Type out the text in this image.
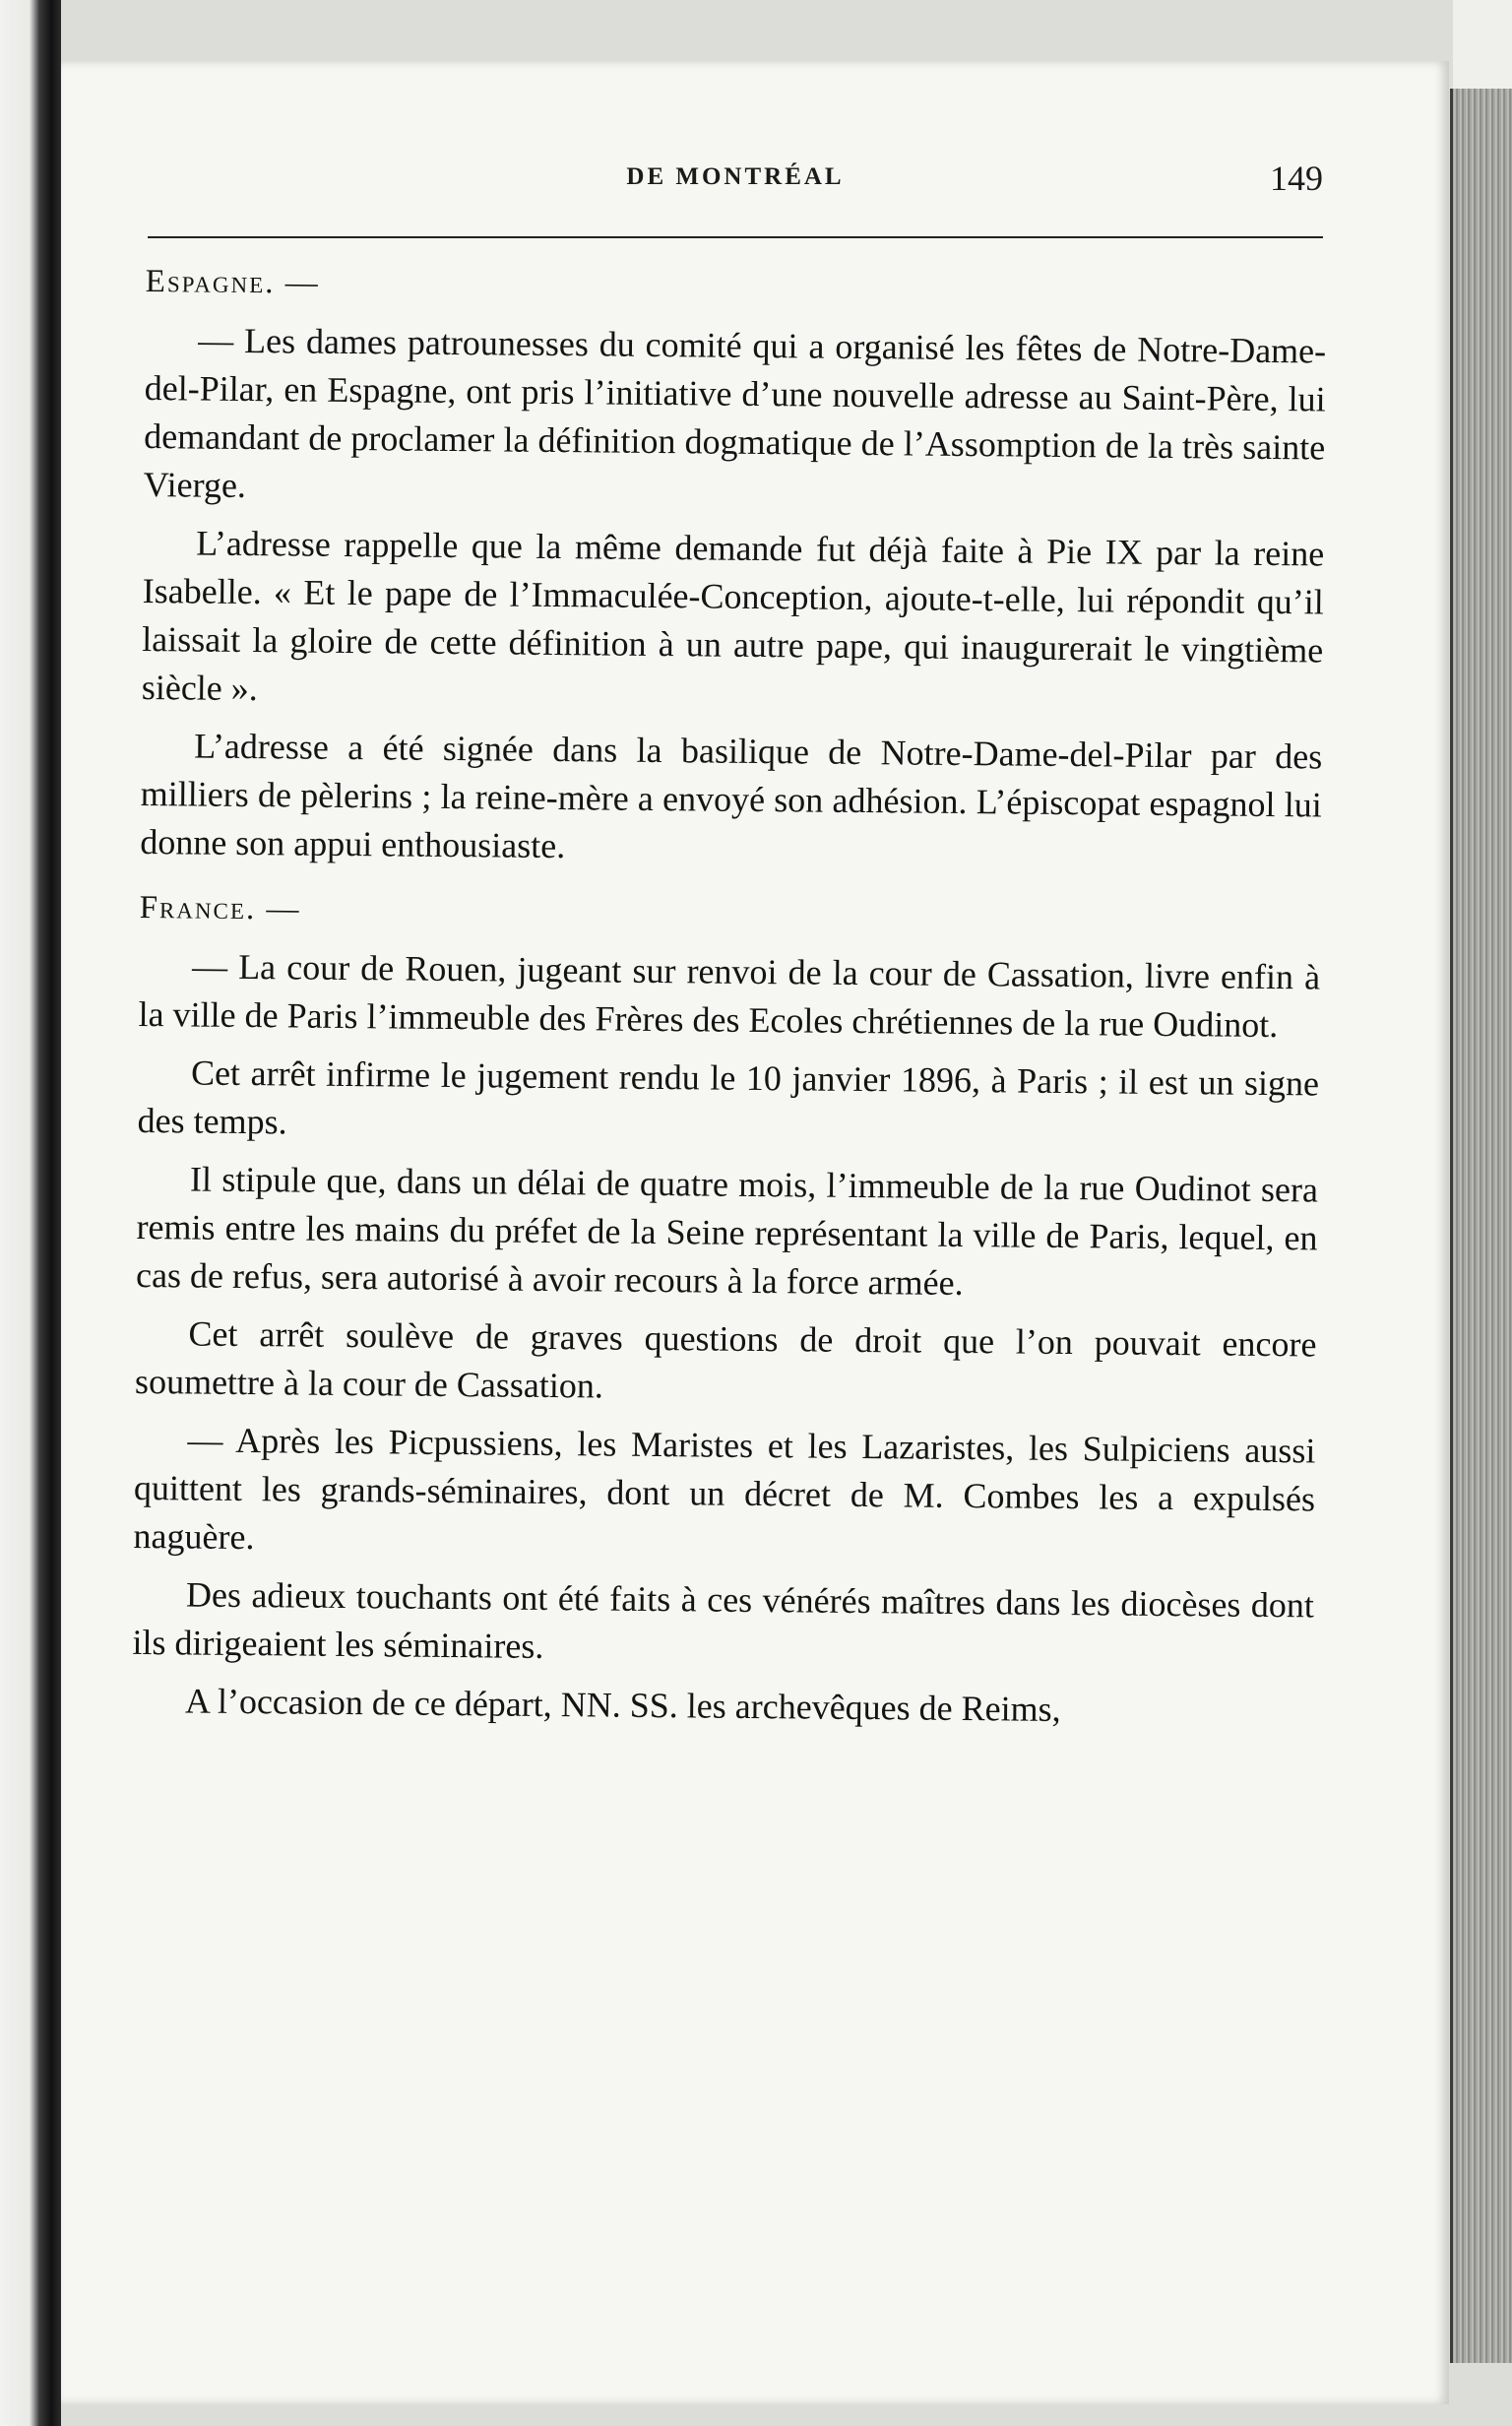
DE MONTRÉAL	149
Espagne. —

— Les dames patrounesses du comité qui a organisé les fêtes de Notre-Dame-del-Pilar, en Espagne, ont pris l’initiative d’une nouvelle adresse au Saint-Père, lui demandant de proclamer la définition dogmatique de l’Assomption de la très sainte Vierge.

L’adresse rappelle que la même demande fut déjà faite à Pie IX par la reine Isabelle. « Et le pape de l’Immaculée-Conception, ajoute-t-elle, lui répondit qu’il laissait la gloire de cette définition à un autre pape, qui inaugurerait le vingtième siècle ».

L’adresse a été signée dans la basilique de Notre-Dame-del-Pilar par des milliers de pèlerins ; la reine-mère a envoyé son adhésion. L’épiscopat espagnol lui donne son appui enthousiaste.

France. —

— La cour de Rouen, jugeant sur renvoi de la cour de Cassation, livre enfin à la ville de Paris l’immeuble des Frères des Ecoles chrétiennes de la rue Oudinot.

Cet arrêt infirme le jugement rendu le 10 janvier 1896, à Paris ; il est un signe des temps.

Il stipule que, dans un délai de quatre mois, l’immeuble de la rue Oudinot sera remis entre les mains du préfet de la Seine représentant la ville de Paris, lequel, en cas de refus, sera autorisé à avoir recours à la force armée.

Cet arrêt soulève de graves questions de droit que l’on pouvait encore soumettre à la cour de Cassation.

— Après les Picpussiens, les Maristes et les Lazaristes, les Sulpiciens aussi quittent les grands-séminaires, dont un décret de M. Combes les a expulsés naguère.

Des adieux touchants ont été faits à ces vénérés maîtres dans les diocèses dont ils dirigeaient les séminaires.

A l’occasion de ce départ, NN. SS. les archevêques de Reims,
